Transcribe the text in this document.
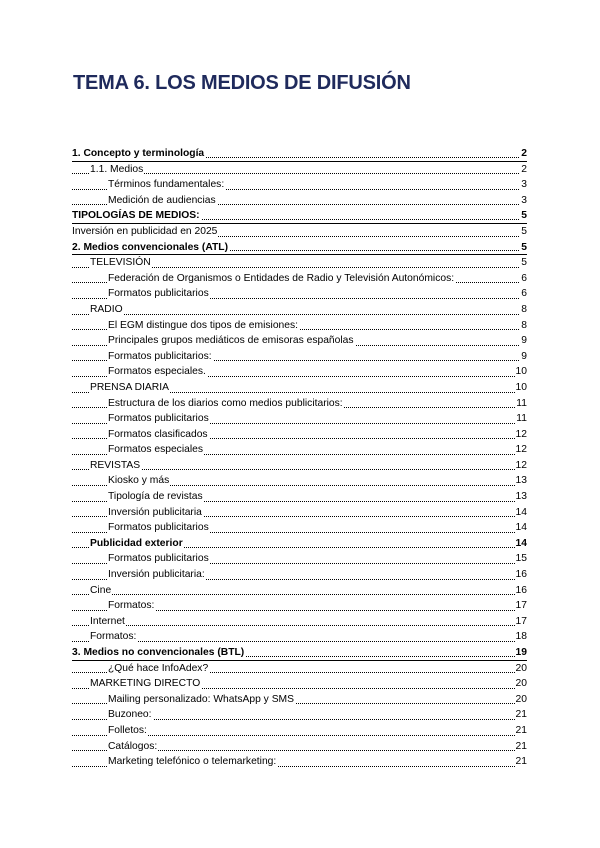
TEMA 6. LOS MEDIOS DE DIFUSIÓN
1. Concepto y terminología	2
1.1. Medios	2
Términos fundamentales:	3
Medición de audiencias	3
TIPOLOGÍAS DE MEDIOS:	5
Inversión en publicidad en 2025	5
2. Medios convencionales (ATL)	5
TELEVISIÓN	5
Federación de Organismos o Entidades de Radio y Televisión Autonómicos:	6
Formatos publicitarios	6
RADIO	8
El EGM distingue dos tipos de emisiones:	8
Principales grupos mediáticos de emisoras españolas	9
Formatos publicitarios:	9
Formatos especiales.	10
PRENSA DIARIA	10
Estructura de los diarios como medios publicitarios:	11
Formatos publicitarios	11
Formatos clasificados	12
Formatos especiales	12
REVISTAS	12
Kiosko y más	13
Tipología de revistas	13
Inversión publicitaria	14
Formatos publicitarios	14
Publicidad exterior	14
Formatos publicitarios	15
Inversión publicitaria:	16
Cine	16
Formatos:	17
Internet	17
Formatos:	18
3. Medios no convencionales (BTL)	19
¿Qué hace InfoAdex?	20
MARKETING DIRECTO	20
Mailing personalizado: WhatsApp y SMS	20
Buzoneo:	21
Folletos:	21
Catálogos:	21
Marketing telefónico o telemarketing:	21
